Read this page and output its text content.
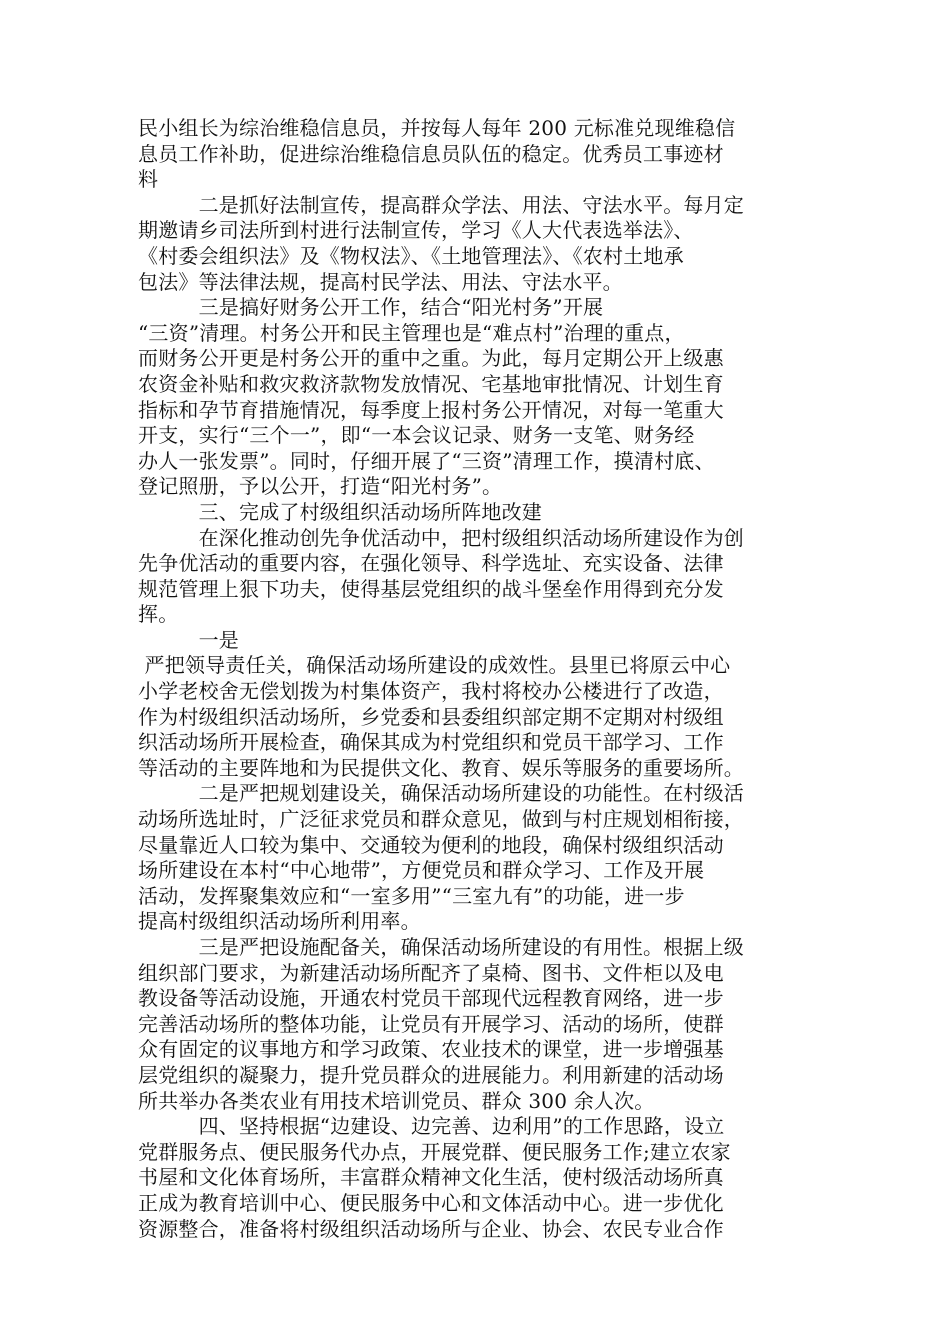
民小组长为综治维稳信息员，并按每人每年 200 元标准兑现维稳信
息员工作补助，促进综治维稳信息员队伍的稳定。优秀员工事迹材
料
　　　二是抓好法制宣传，提高群众学法、用法、守法水平。每月定
期邀请乡司法所到村进行法制宣传，学习《人大代表选举法》、
《村委会组织法》及《物权法》、《土地管理法》、《农村土地承
包法》等法律法规，提高村民学法、用法、守法水平。
　　　三是搞好财务公开工作，结合“阳光村务”开展
“三资”清理。村务公开和民主管理也是“难点村”治理的重点，
而财务公开更是村务公开的重中之重。为此，每月定期公开上级惠
农资金补贴和救灾救济款物发放情况、宅基地审批情况、计划生育
指标和孕节育措施情况，每季度上报村务公开情况，对每一笔重大
开支，实行“三个一”，即“一本会议记录、财务一支笔、财务经
办人一张发票”。同时，仔细开展了“三资”清理工作，摸清村底、
登记照册，予以公开，打造“阳光村务”。
　　　三、完成了村级组织活动场所阵地改建
　　　在深化推动创先争优活动中，把村级组织活动场所建设作为创
先争优活动的重要内容，在强化领导、科学选址、充实设备、法律
规范管理上狠下功夫，使得基层党组织的战斗堡垒作用得到充分发
挥。
　　　一是
严把领导责任关，确保活动场所建设的成效性。县里已将原云中心
小学老校舍无偿划拨为村集体资产，我村将校办公楼进行了改造，
作为村级组织活动场所，乡党委和县委组织部定期不定期对村级组
织活动场所开展检查，确保其成为村党组织和党员干部学习、工作
等活动的主要阵地和为民提供文化、教育、娱乐等服务的重要场所。
　　　二是严把规划建设关，确保活动场所建设的功能性。在村级活
动场所选址时，广泛征求党员和群众意见，做到与村庄规划相衔接，
尽量靠近人口较为集中、交通较为便利的地段，确保村级组织活动
场所建设在本村“中心地带”，方便党员和群众学习、工作及开展
活动，发挥聚集效应和“一室多用”“三室九有”的功能，进一步
提高村级组织活动场所利用率。
　　　三是严把设施配备关，确保活动场所建设的有用性。根据上级
组织部门要求，为新建活动场所配齐了桌椅、图书、文件柜以及电
教设备等活动设施，开通农村党员干部现代远程教育网络，进一步
完善活动场所的整体功能，让党员有开展学习、活动的场所，使群
众有固定的议事地方和学习政策、农业技术的课堂，进一步增强基
层党组织的凝聚力，提升党员群众的进展能力。利用新建的活动场
所共举办各类农业有用技术培训党员、群众 300 余人次。
　　　四、坚持根据“边建设、边完善、边利用”的工作思路，设立
党群服务点、便民服务代办点，开展党群、便民服务工作;建立农家
书屋和文化体育场所，丰富群众精神文化生活，使村级活动场所真
正成为教育培训中心、便民服务中心和文体活动中心。进一步优化
资源整合，准备将村级组织活动场所与企业、协会、农民专业合作
